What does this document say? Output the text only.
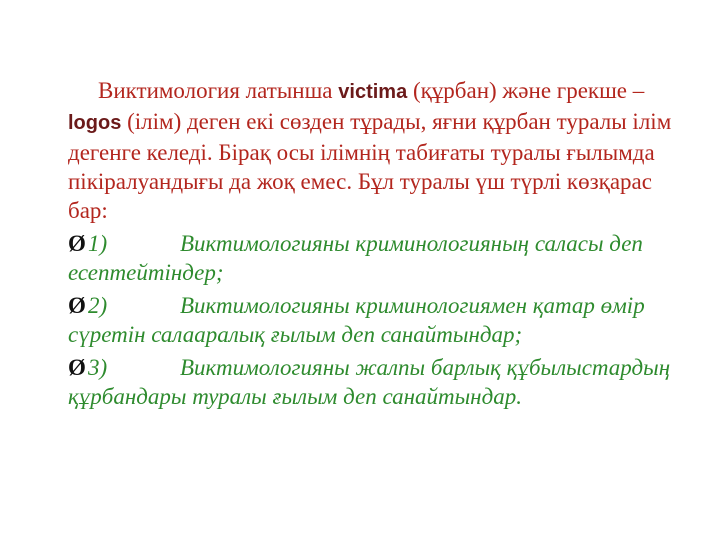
Виктимология латынша victima (құрбан) және грекше – logos (ілім) деген екі сөзден тұрады, яғни құрбан туралы ілім дегенге келеді. Бірақ осы ілімнің табиғаты туралы ғылымда пікіралуандығы да жоқ емес. Бұл туралы үш түрлі көзқарас бар:

Ø1)	Виктимологияны криминологияның саласы деп есептейтіндер;

Ø2)	Виктимологияны криминологиямен қатар өмір сүретін салааралық ғылым деп санайтындар;

Ø3)	Виктимологияны жалпы барлық құбылыстардың құрбандары туралы ғылым деп санайтындар.
